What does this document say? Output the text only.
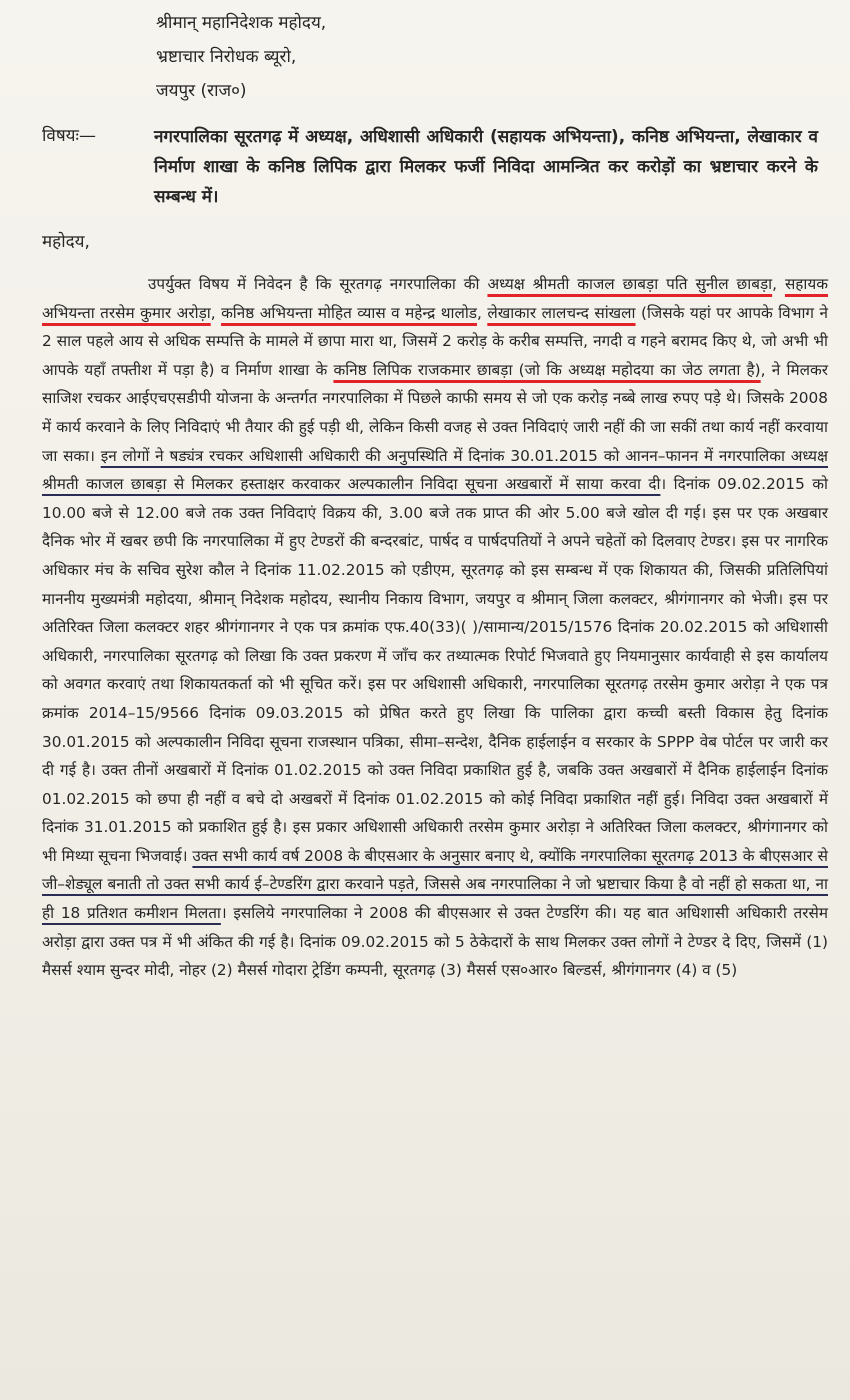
श्रीमान् महानिदेशक महोदय,
भ्रष्टाचार निरोधक ब्यूरो,
जयपुर (राज०)
विषयः—	नगरपालिका सूरतगढ़ में अध्यक्ष, अधिशासी अधिकारी (सहायक अभियन्ता), कनिष्ठ अभियन्ता, लेखाकार व निर्माण शाखा के कनिष्ठ लिपिक द्वारा मिलकर फर्जी निविदा आमन्त्रित कर करोड़ों का भ्रष्टाचार करने के सम्बन्ध में।
महोदय,
उपर्युक्त विषय में निवेदन है कि सूरतगढ़ नगरपालिका की अध्यक्ष श्रीमती काजल छाबड़ा पति सुनील छाबड़ा, सहायक अभियन्ता तरसेम कुमार अरोड़ा, कनिष्ठ अभियन्ता मोहित व्यास व महेन्द्र थालोड, लेखाकार लालचन्द सांखला (जिसके यहां पर आपके विभाग ने 2 साल पहले आय से अधिक सम्पत्ति के मामले में छापा मारा था, जिसमें 2 करोड़ के करीब सम्पत्ति, नगदी व गहने बरामद किए थे, जो अभी भी आपके यहाँ तफ्तीश में पड़ा है) व निर्माण शाखा के कनिष्ठ लिपिक राजकमार छाबड़ा (जो कि अध्यक्ष महोदया का जेठ लगता है), ने मिलकर साजिश रचकर आईएचएसडीपी योजना के अन्तर्गत नगरपालिका में पिछले काफी समय से जो एक करोड़ नब्बे लाख रुपए पड़े थे। जिसके 2008 में कार्य करवाने के लिए निविदाएं भी तैयार की हुई पड़ी थी, लेकिन किसी वजह से उक्त निविदाएं जारी नहीं की जा सकीं तथा कार्य नहीं करवाया जा सका। इन लोगों ने षड्यंत्र रचकर अधिशासी अधिकारी की अनुपस्थिति में दिनांक 30.01.2015 को आनन–फानन में नगरपालिका अध्यक्ष श्रीमती काजल छाबड़ा से मिलकर हस्ताक्षर करवाकर अल्पकालीन निविदा सूचना अखबारों में साया करवा दी। दिनांक 09.02.2015 को 10.00 बजे से 12.00 बजे तक उक्त निविदाएं विक्रय की, 3.00 बजे तक प्राप्त की ओर 5.00 बजे खोल दी गई। इस पर एक अखबार दैनिक भोर में खबर छपी कि नगरपालिका में हुए टेण्डरों की बन्दरबांट, पार्षद व पार्षदपतियों ने अपने चहेतों को दिलवाए टेण्डर। इस पर नागरिक अधिकार मंच के सचिव सुरेश कौल ने दिनांक 11.02.2015 को एडीएम, सूरतगढ़ को इस सम्बन्ध में एक शिकायत की, जिसकी प्रतिलिपियां माननीय मुख्यमंत्री महोदया, श्रीमान् निदेशक महोदय, स्थानीय निकाय विभाग, जयपुर व श्रीमान् जिला कलक्टर, श्रीगंगानगर को भेजी। इस पर अतिरिक्त जिला कलक्टर शहर श्रीगंगानगर ने एक पत्र क्रमांक एफ.40(33)( )/सामान्य/2015/1576 दिनांक 20.02.2015 को अधिशासी अधिकारी, नगरपालिका सूरतगढ़ को लिखा कि उक्त प्रकरण में जाँच कर तथ्यात्मक रिपोर्ट भिजवाते हुए नियमानुसार कार्यवाही से इस कार्यालय को अवगत करवाएं तथा शिकायतकर्ता को भी सूचित करें। इस पर अधिशासी अधिकारी, नगरपालिका सूरतगढ़ तरसेम कुमार अरोड़ा ने एक पत्र क्रमांक 2014–15/9566 दिनांक 09.03.2015 को प्रेषित करते हुए लिखा कि पालिका द्वारा कच्ची बस्ती विकास हेतु दिनांक 30.01.2015 को अल्पकालीन निविदा सूचना राजस्थान पत्रिका, सीमा–सन्देश, दैनिक हाईलाईन व सरकार के SPPP वेब पोर्टल पर जारी कर दी गई है। उक्त तीनों अखबारों में दिनांक 01.02.2015 को उक्त निविदा प्रकाशित हुई है, जबकि उक्त अखबारों में दैनिक हाईलाईन दिनांक 01.02.2015 को छपा ही नहीं व बचे दो अखबरों में दिनांक 01.02.2015 को कोई निविदा प्रकाशित नहीं हुई। निविदा उक्त अखबारों में दिनांक 31.01.2015 को प्रकाशित हुई है। इस प्रकार अधिशासी अधिकारी तरसेम कुमार अरोड़ा ने अतिरिक्त जिला कलक्टर, श्रीगंगानगर को भी मिथ्या सूचना भिजवाई। उक्त सभी कार्य वर्ष 2008 के बीएसआर के अनुसार बनाए थे, क्योंकि नगरपालिका सूरतगढ़ 2013 के बीएसआर से जी–शेड्यूल बनाती तो उक्त सभी कार्य ई–टेण्डरिंग द्वारा करवाने पड़ते, जिससे अब नगरपालिका ने जो भ्रष्टाचार किया है वो नहीं हो सकता था, ना ही 18 प्रतिशत कमीशन मिलता। इसलिये नगरपालिका ने 2008 की बीएसआर से उक्त टेण्डरिंग की। यह बात अधिशासी अधिकारी तरसेम अरोड़ा द्वारा उक्त पत्र में भी अंकित की गई है। दिनांक 09.02.2015 को 5 ठेकेदारों के साथ मिलकर उक्त लोगों ने टेण्डर दे दिए, जिसमें (1) मैसर्स श्याम सुन्दर मोदी, नोहर (2) मैसर्स गोदारा ट्रेडिंग कम्पनी, सूरतगढ़ (3) मैसर्स एस०आर० बिल्डर्स, श्रीगंगानगर (4) व (5)
